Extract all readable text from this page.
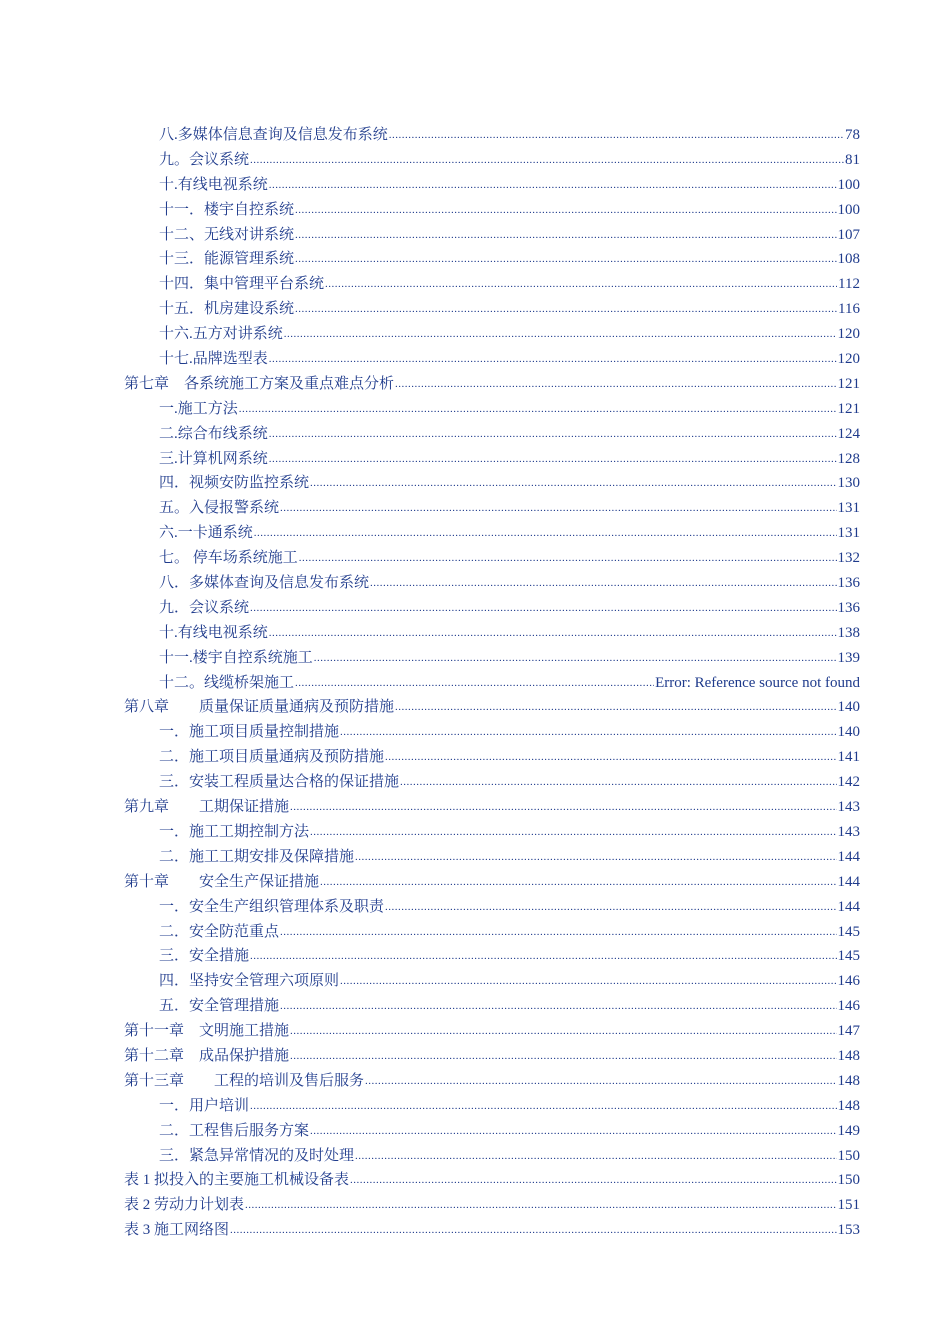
八.多媒体信息查询及信息发布系统 .....	78
九。会议系统 .....	81
十.有线电视系统 .....	100
十一．楼宇自控系统 .....	100
十二、无线对讲系统 .....	107
十三．能源管理系统 .....	108
十四．集中管理平台系统 .....	112
十五．机房建设系统 .....	116
十六.五方对讲系统 .....	120
十七.品牌选型表 .....	120
第七章　各系统施工方案及重点难点分析 .....	121
一.施工方法 .....	121
二.综合布线系统 .....	124
三.计算机网系统 .....	128
四．视频安防监控系统 .....	130
五。入侵报警系统 .....	131
六.一卡通系统 .....	131
七。 停车场系统施工 .....	132
八．多媒体查询及信息发布系统 .....	136
九．会议系统 .....	136
十.有线电视系统 .....	138
十一.楼宇自控系统施工 .....	139
十二。线缆桥架施工 .....	Error: Reference source not found
第八章　　质量保证质量通病及预防措施 .....	140
一．施工项目质量控制措施 .....	140
二．施工项目质量通病及预防措施 .....	141
三．安装工程质量达合格的保证措施 .....	142
第九章　　工期保证措施 .....	143
一．施工工期控制方法 .....	143
二．施工工期安排及保障措施 .....	144
第十章　　安全生产保证措施 .....	144
一．安全生产组织管理体系及职责 .....	144
二．安全防范重点 .....	145
三．安全措施 .....	145
四．坚持安全管理六项原则 .....	146
五．安全管理措施 .....	146
第十一章　文明施工措施 .....	147
第十二章　成品保护措施 .....	148
第十三章　　工程的培训及售后服务 .....	148
一．用户培训 .....	148
二．工程售后服务方案 .....	149
三．紧急异常情况的及时处理 .....	150
表 1 拟投入的主要施工机械设备表 .....	150
表 2 劳动力计划表 .....	151
表 3 施工网络图 .....	153
